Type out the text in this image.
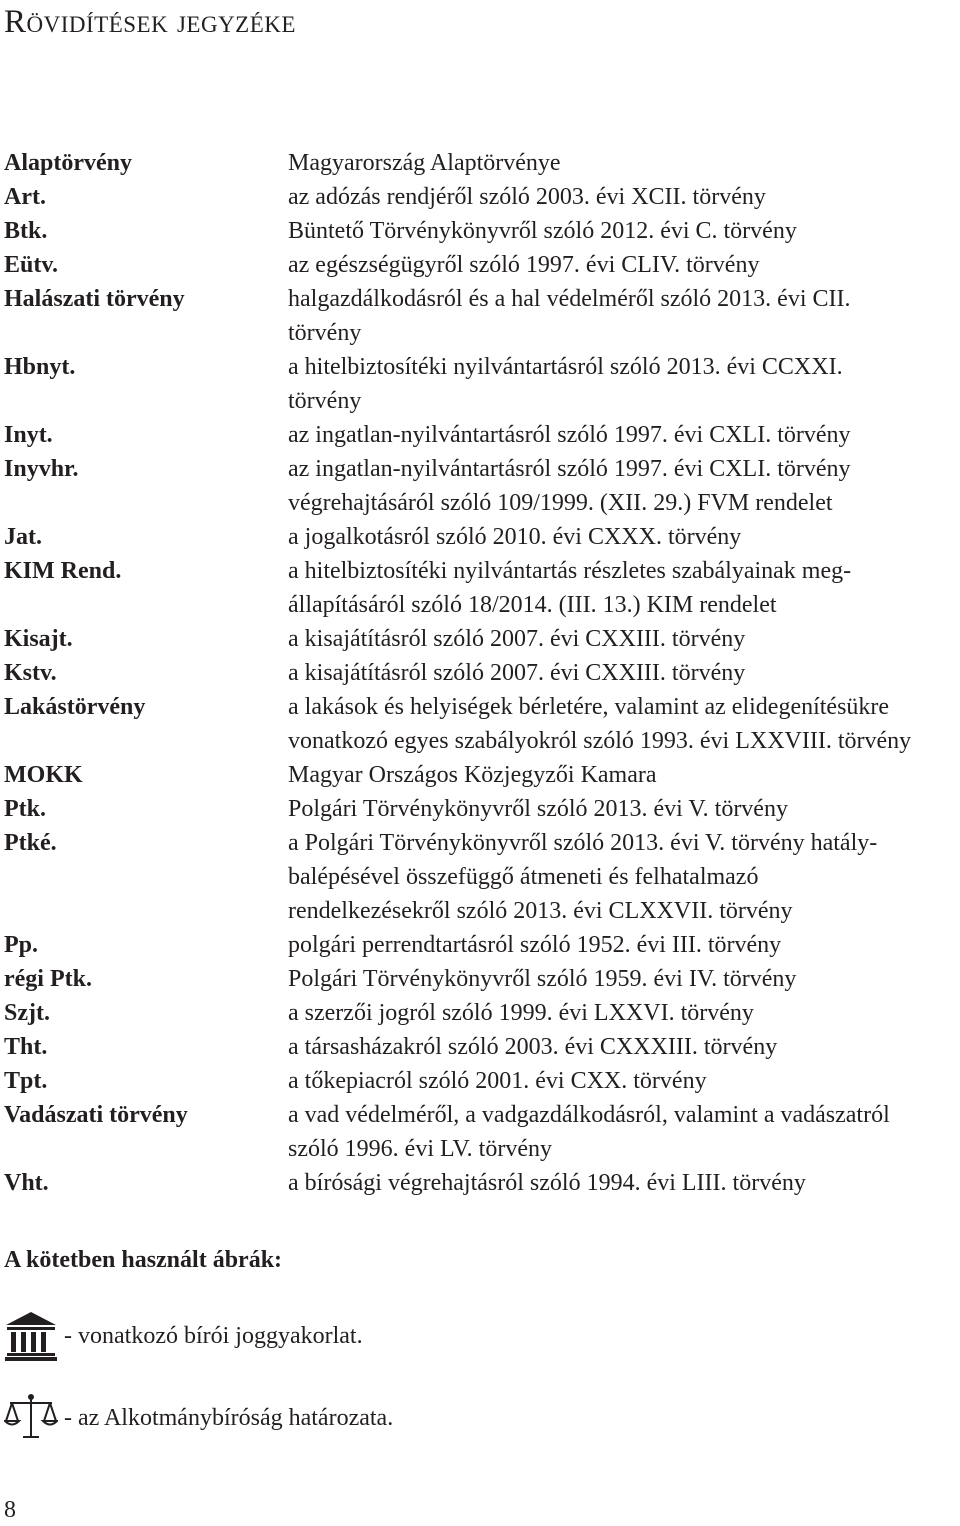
Rövidítések jegyzéke
Alaptörvény	Magyarország Alaptörvénye
Art.	az adózás rendjéről szóló 2003. évi XCII. törvény
Btk.	Büntető Törvénykönyvről szóló 2012. évi C. törvény
Eütv.	az egészségügyről szóló 1997. évi CLIV. törvény
Halászati törvény	halgazdálkodásról és a hal védelméről szóló 2013. évi CII.
törvény
Hbnyt.	a hitelbiztosítéki nyilvántartásról szóló 2013. évi CCXXI.
törvény
Inyt.	az ingatlan-nyilvántartásról szóló 1997. évi CXLI. törvény
Inyvhr.	az ingatlan-nyilvántartásról szóló 1997. évi CXLI. törvény
végrehajtásáról szóló 109/1999. (XII. 29.) FVM rendelet
Jat.	a jogalkotásról szóló 2010. évi CXXX. törvény
KIM Rend.	a hitelbiztosítéki nyilvántartás részletes szabályainak meg-
állapításáról szóló 18/2014. (III. 13.) KIM rendelet
Kisajt.	a kisajátításról szóló 2007. évi CXXIII. törvény
Kstv.	a kisajátításról szóló 2007. évi CXXIII. törvény
Lakástörvény	a lakások és helyiségek bérletére, valamint az elidegenítésükre
vonatkozó egyes szabályokról szóló 1993. évi LXXVIII. törvény
MOKK	Magyar Országos Közjegyzői Kamara
Ptk.	Polgári Törvénykönyvről szóló 2013. évi V. törvény
Ptké.	a Polgári Törvénykönyvről szóló 2013. évi V. törvény hatály-
balépésével összefüggő átmeneti és felhatalmazó
rendelkezésekről szóló 2013. évi CLXXVII. törvény
Pp.	polgári perrendtartásról szóló 1952. évi III. törvény
régi Ptk.	Polgári Törvénykönyvről szóló 1959. évi IV. törvény
Szjt.	a szerzői jogról szóló 1999. évi LXXVI. törvény
Tht.	a társasházakról szóló 2003. évi CXXXIII. törvény
Tpt.	a tőkepiacról szóló 2001. évi CXX. törvény
Vadászati törvény	a vad védelméről, a vadgazdálkodásról, valamint a vadászatról
szóló 1996. évi LV. törvény
Vht.	a bírósági végrehajtásról szóló 1994. évi LIII. törvény
A kötetben használt ábrák:
- vonatkozó bírói joggyakorlat.
- az Alkotmánybíróság határozata.
8
